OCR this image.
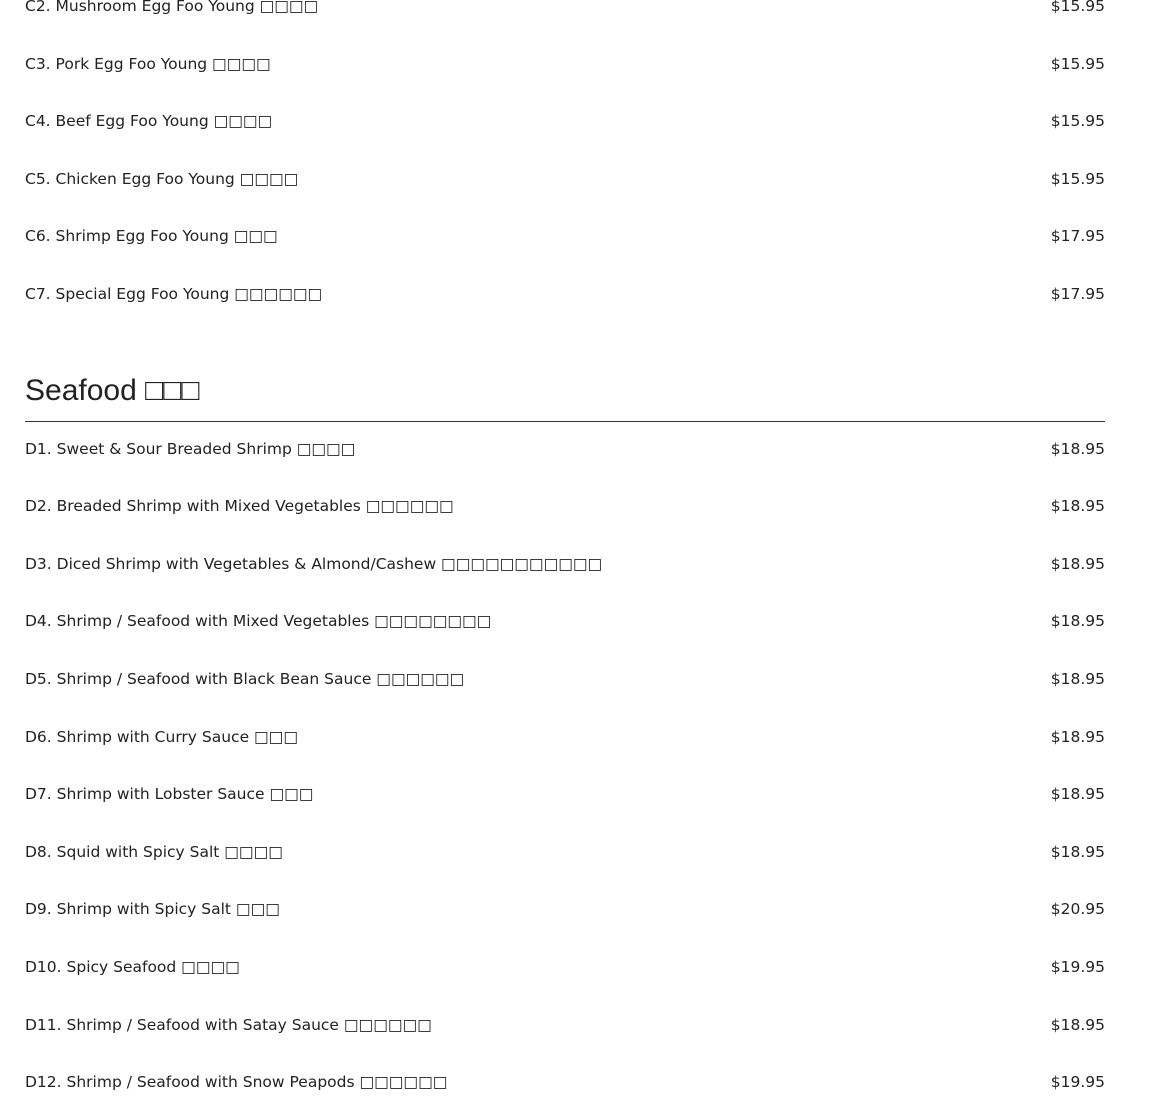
C2. Mushroom Egg Foo Young □□□□	$15.95
C3. Pork Egg Foo Young □□□□	$15.95
C4. Beef Egg Foo Young □□□□	$15.95
C5. Chicken Egg Foo Young □□□□	$15.95
C6. Shrimp Egg Foo Young □□□	$17.95
C7. Special Egg Foo Young □□□□□□	$17.95
Seafood □□□
D1. Sweet & Sour Breaded Shrimp □□□□	$18.95
D2. Breaded Shrimp with Mixed Vegetables □□□□□□	$18.95
D3. Diced Shrimp with Vegetables & Almond/Cashew □□□□□□□□□□□	$18.95
D4. Shrimp / Seafood with Mixed Vegetables □□□□□□□□	$18.95
D5. Shrimp / Seafood with Black Bean Sauce □□□□□□	$18.95
D6. Shrimp with Curry Sauce □□□	$18.95
D7. Shrimp with Lobster Sauce □□□	$18.95
D8. Squid with Spicy Salt □□□□	$18.95
D9. Shrimp with Spicy Salt □□□	$20.95
D10. Spicy Seafood □□□□	$19.95
D11. Shrimp / Seafood with Satay Sauce □□□□□□	$18.95
D12. Shrimp / Seafood with Snow Peapods □□□□□□	$19.95
